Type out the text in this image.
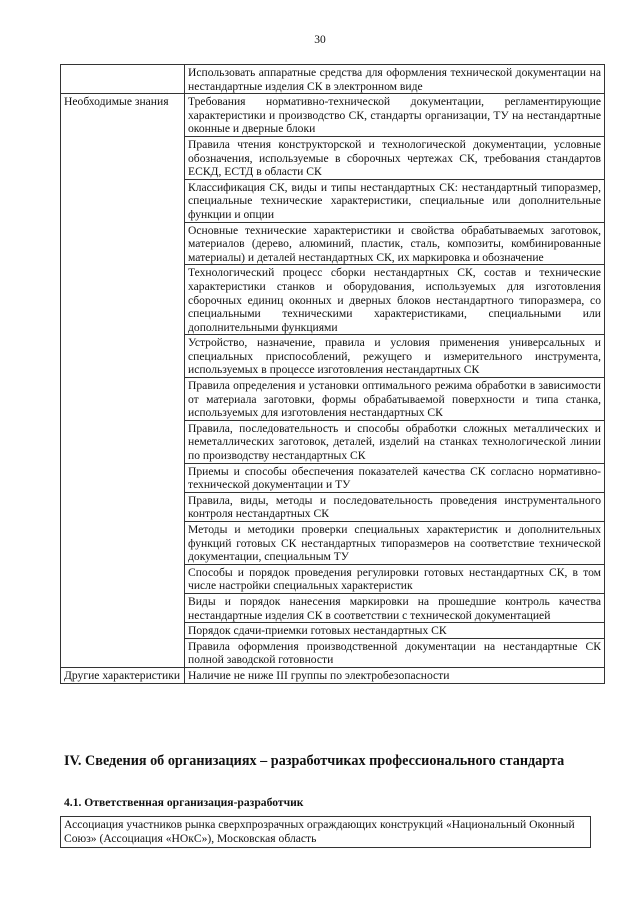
30
	Использовать аппаратные средства для оформления технической документации на нестандартные изделия СК в электронном виде
Необходимые знания	Требования нормативно-технической документации, регламентирующие характеристики и производство СК, стандарты организации, ТУ на нестандартные оконные и дверные блоки
	Правила чтения конструкторской и технологической документации, условные обозначения, используемые в сборочных чертежах СК, требования стандартов ЕСКД, ЕСТД в области СК
	Классификация СК, виды и типы нестандартных СК: нестандартный типоразмер, специальные технические характеристики, специальные или дополнительные функции и опции
	Основные технические характеристики и свойства обрабатываемых заготовок, материалов (дерево, алюминий, пластик, сталь, композиты, комбинированные материалы) и деталей нестандартных СК, их маркировка и обозначение
	Технологический процесс сборки нестандартных СК, состав и технические характеристики станков и оборудования, используемых для изготовления сборочных единиц оконных и дверных блоков нестандартного типоразмера, со специальными техническими характеристиками, специальными или дополнительными функциями
	Устройство, назначение, правила и условия применения универсальных и специальных приспособлений, режущего и измерительного инструмента, используемых в процессе изготовления нестандартных СК
	Правила определения и установки оптимального режима обработки в зависимости от материала заготовки, формы обрабатываемой поверхности и типа станка, используемых для изготовления нестандартных СК
	Правила, последовательность и способы обработки сложных металлических и неметаллических заготовок, деталей, изделий на станках технологической линии по производству нестандартных СК
	Приемы и способы обеспечения показателей качества СК согласно нормативно-технической документации и ТУ
	Правила, виды, методы и последовательность проведения инструментального контроля нестандартных СК
	Методы и методики проверки специальных характеристик и дополнительных функций готовых СК нестандартных типоразмеров на соответствие технической документации, специальным ТУ
	Способы и порядок проведения регулировки готовых нестандартных СК, в том числе настройки специальных характеристик
	Виды и порядок нанесения маркировки на прошедшие контроль качества нестандартные изделия СК в соответствии с технической документацией
	Порядок сдачи-приемки готовых нестандартных СК
	Правила оформления производственной документации на нестандартные СК полной заводской готовности
Другие характеристики	Наличие не ниже III группы по электробезопасности
IV. Сведения об организациях – разработчиках профессионального стандарта
4.1. Ответственная организация-разработчик
Ассоциация участников рынка сверхпрозрачных ограждающих конструкций «Национальный Оконный Союз» (Ассоциация «НОкС»), Московская область
